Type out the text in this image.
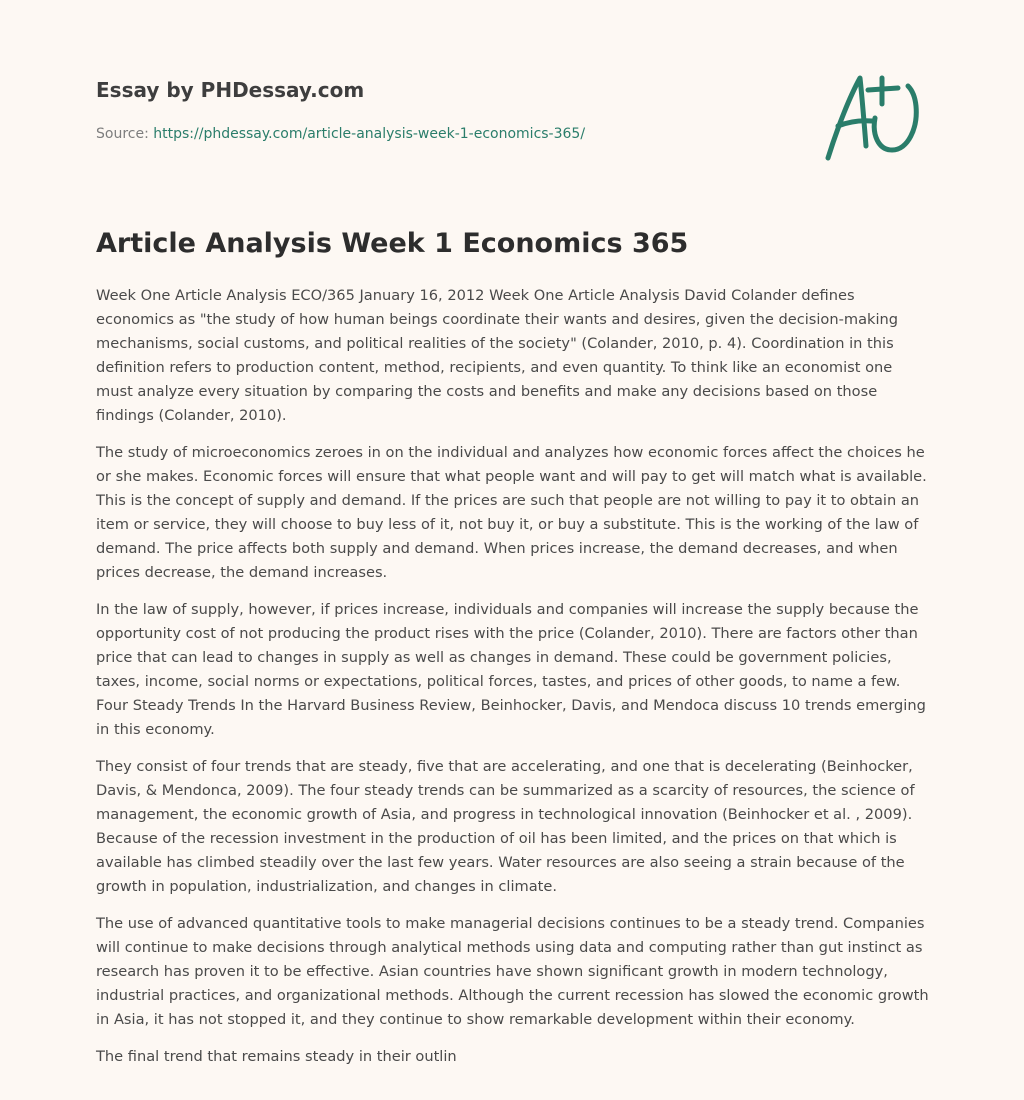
Essay by PHDessay.com
Source: https://phdessay.com/article-analysis-week-1-economics-365/
Article Analysis Week 1 Economics 365

Week One Article Analysis ECO/365 January 16, 2012 Week One Article Analysis David Colander defines economics as "the study of how human beings coordinate their wants and desires, given the decision-making mechanisms, social customs, and political realities of the society" (Colander, 2010, p. 4). Coordination in this definition refers to production content, method, recipients, and even quantity. To think like an economist one must analyze every situation by comparing the costs and benefits and make any decisions based on those findings (Colander, 2010).

The study of microeconomics zeroes in on the individual and analyzes how economic forces affect the choices he or she makes. Economic forces will ensure that what people want and will pay to get will match what is available. This is the concept of supply and demand. If the prices are such that people are not willing to pay it to obtain an item or service, they will choose to buy less of it, not buy it, or buy a substitute. This is the working of the law of demand. The price affects both supply and demand. When prices increase, the demand decreases, and when prices decrease, the demand increases.

In the law of supply, however, if prices increase, individuals and companies will increase the supply because the opportunity cost of not producing the product rises with the price (Colander, 2010). There are factors other than price that can lead to changes in supply as well as changes in demand. These could be government policies, taxes, income, social norms or expectations, political forces, tastes, and prices of other goods, to name a few. Four Steady Trends In the Harvard Business Review, Beinhocker, Davis, and Mendoca discuss 10 trends emerging in this economy.

They consist of four trends that are steady, five that are accelerating, and one that is decelerating (Beinhocker, Davis, & Mendonca, 2009). The four steady trends can be summarized as a scarcity of resources, the science of management, the economic growth of Asia, and progress in technological innovation (Beinhocker et al. , 2009). Because of the recession investment in the production of oil has been limited, and the prices on that which is available has climbed steadily over the last few years. Water resources are also seeing a strain because of the growth in population, industrialization, and changes in climate.

The use of advanced quantitative tools to make managerial decisions continues to be a steady trend. Companies will continue to make decisions through analytical methods using data and computing rather than gut instinct as research has proven it to be effective. Asian countries have shown significant growth in modern technology, industrial practices, and organizational methods. Although the current recession has slowed the economic growth in Asia, it has not stopped it, and they continue to show remarkable development within their economy.

The final trend that remains steady in their outlin
